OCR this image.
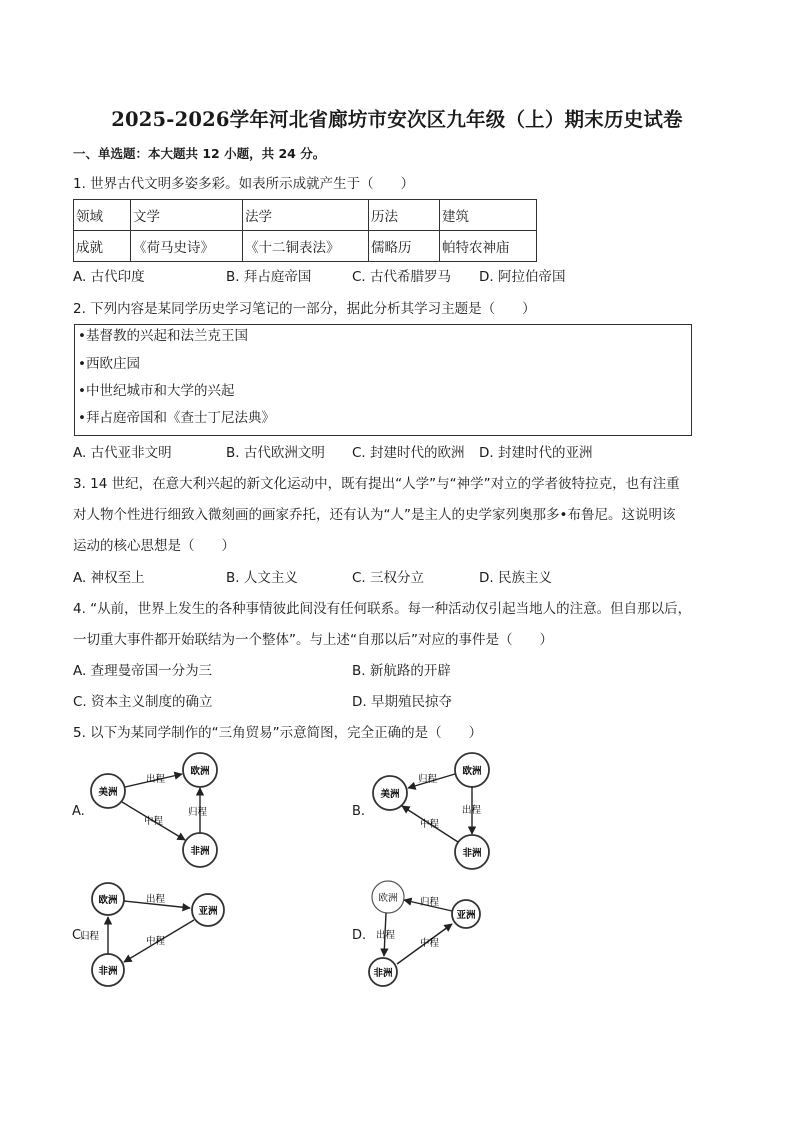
2025-2026学年河北省廊坊市安次区九年级（上）期末历史试卷
一、单选题：本大题共 12 小题，共 24 分。
1. 世界古代文明多姿多彩。如表所示成就产生于（　　）
领域	文学	法学	历法	建筑
成就	《荷马史诗》	《十二铜表法》	儒略历	帕特农神庙
A. 古代印度	B. 拜占庭帝国	C. 古代希腊罗马 D. 阿拉伯帝国
2. 下列内容是某同学历史学习笔记的一部分，据此分析其学习主题是（　　）
•基督教的兴起和法兰克王国
•西欧庄园
•中世纪城市和大学的兴起
•拜占庭帝国和《查士丁尼法典》
A. 古代亚非文明	B. 古代欧洲文明 C. 封建时代的欧洲 D. 封建时代的亚洲
3. 14 世纪，在意大利兴起的新文化运动中，既有提出“人学”与“神学”对立的学者彼特拉克，也有注重
对人物个性进行细致入微刻画的画家乔托，还有认为“人”是主人的史学家列奥那多•布鲁尼。这说明该
运动的核心思想是（　　）
A. 神权至上	B. 人文主义	C. 三权分立	D. 民族主义
4. “从前，世界上发生的各种事情彼此间没有任何联系。每一种活动仅引起当地人的注意。但自那以后，
一切重大事件都开始联结为一个整体”。与上述“自那以后”对应的事件是（　　）
A. 查理曼帝国一分为三	B. 新航路的开辟
C. 资本主义制度的确立	D. 早期殖民掠夺
5. 以下为某同学制作的“三角贸易”示意简图，完全正确的是（　　）
A.
美洲
欧洲
非洲
出程
归程
中程
B.
美洲
欧洲
非洲
归程
出程
中程
C.
欧洲
亚洲
非洲
出程
归程	中程	D.
欧洲
亚洲
非洲
归程
出程
中程
